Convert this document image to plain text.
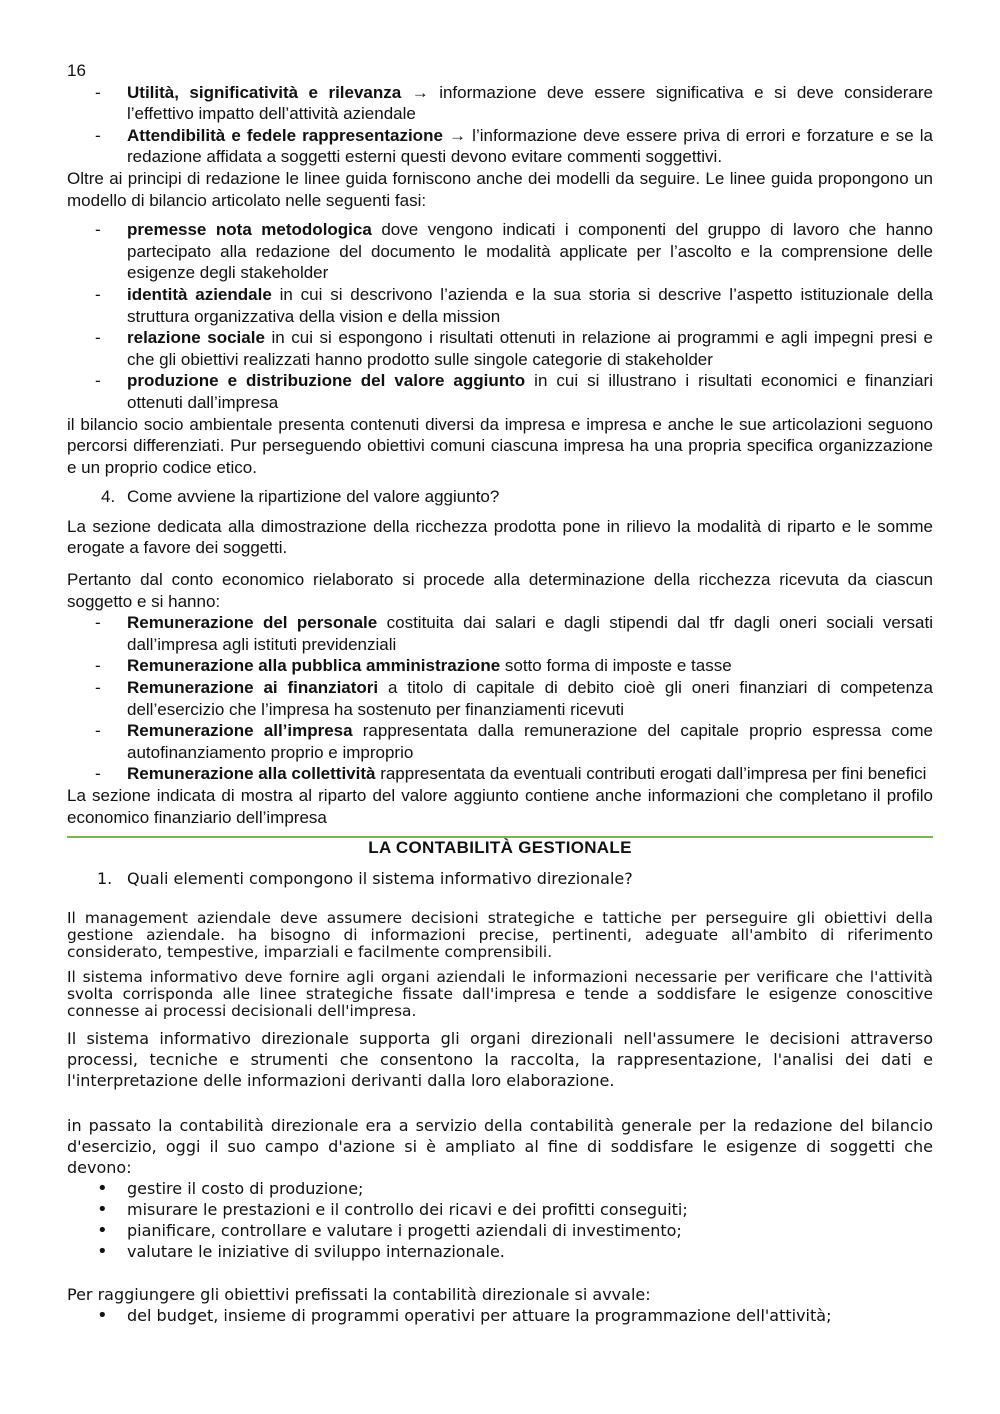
16
- Utilità, significatività e rilevanza → informazione deve essere significativa e si deve considerare l’effettivo impatto dell’attività aziendale
- Attendibilità e fedele rappresentazione → l’informazione deve essere priva di errori e forzature e se la redazione affidata a soggetti esterni questi devono evitare commenti soggettivi.

Oltre ai principi di redazione le linee guida forniscono anche dei modelli da seguire. Le linee guida propongono un modello di bilancio articolato nelle seguenti fasi:

- premesse nota metodologica dove vengono indicati i componenti del gruppo di lavoro che hanno partecipato alla redazione del documento le modalità applicate per l’ascolto e la comprensione delle esigenze degli stakeholder
- identità aziendale in cui si descrivono l’azienda e la sua storia si descrive l’aspetto istituzionale della struttura organizzativa della vision e della mission
- relazione sociale in cui si espongono i risultati ottenuti in relazione ai programmi e agli impegni presi e che gli obiettivi realizzati hanno prodotto sulle singole categorie di stakeholder
- produzione e distribuzione del valore aggiunto in cui si illustrano i risultati economici e finanziari ottenuti dall’impresa

il bilancio socio ambientale presenta contenuti diversi da impresa e impresa e anche le sue articolazioni seguono percorsi differenziati. Pur perseguendo obiettivi comuni ciascuna impresa ha una propria specifica organizzazione e un proprio codice etico.

4. Come avviene la ripartizione del valore aggiunto?

La sezione dedicata alla dimostrazione della ricchezza prodotta pone in rilievo la modalità di riparto e le somme erogate a favore dei soggetti.

Pertanto dal conto economico rielaborato si procede alla determinazione della ricchezza ricevuta da ciascun soggetto e si hanno:

- Remunerazione del personale costituita dai salari e dagli stipendi dal tfr dagli oneri sociali versati dall’impresa agli istituti previdenziali
- Remunerazione alla pubblica amministrazione sotto forma di imposte e tasse
- Remunerazione ai finanziatori a titolo di capitale di debito cioè gli oneri finanziari di competenza dell’esercizio che l’impresa ha sostenuto per finanziamenti ricevuti
- Remunerazione all’impresa rappresentata dalla remunerazione del capitale proprio espressa come autofinanziamento proprio e improprio
- Remunerazione alla collettività rappresentata da eventuali contributi erogati dall’impresa per fini benefici

La sezione indicata di mostra al riparto del valore aggiunto contiene anche informazioni che completano il profilo economico finanziario dell’impresa

LA CONTABILITÀ GESTIONALE
1. Quali elementi compongono il sistema informativo direzionale?

Il management aziendale deve assumere decisioni strategiche e tattiche per perseguire gli obiettivi della gestione aziendale. ha bisogno di informazioni precise, pertinenti, adeguate all'ambito di riferimento considerato, tempestive, imparziali e facilmente comprensibili.

Il sistema informativo deve fornire agli organi aziendali le informazioni necessarie per verificare che l'attività svolta corrisponda alle linee strategiche fissate dall'impresa e tende a soddisfare le esigenze conoscitive connesse ai processi decisionali dell'impresa.

Il sistema informativo direzionale supporta gli organi direzionali nell'assumere le decisioni attraverso processi, tecniche e strumenti che consentono la raccolta, la rappresentazione, l'analisi dei dati e l'interpretazione delle informazioni derivanti dalla loro elaborazione.

in passato la contabilità direzionale era a servizio della contabilità generale per la redazione del bilancio d'esercizio, oggi il suo campo d'azione si è ampliato al fine di soddisfare le esigenze di soggetti che devono:

• gestire il costo di produzione;
• misurare le prestazioni e il controllo dei ricavi e dei profitti conseguiti;
• pianificare, controllare e valutare i progetti aziendali di investimento;
• valutare le iniziative di sviluppo internazionale.

Per raggiungere gli obiettivi prefissati la contabilità direzionale si avvale:

• del budget, insieme di programmi operativi per attuare la programmazione dell'attività;
